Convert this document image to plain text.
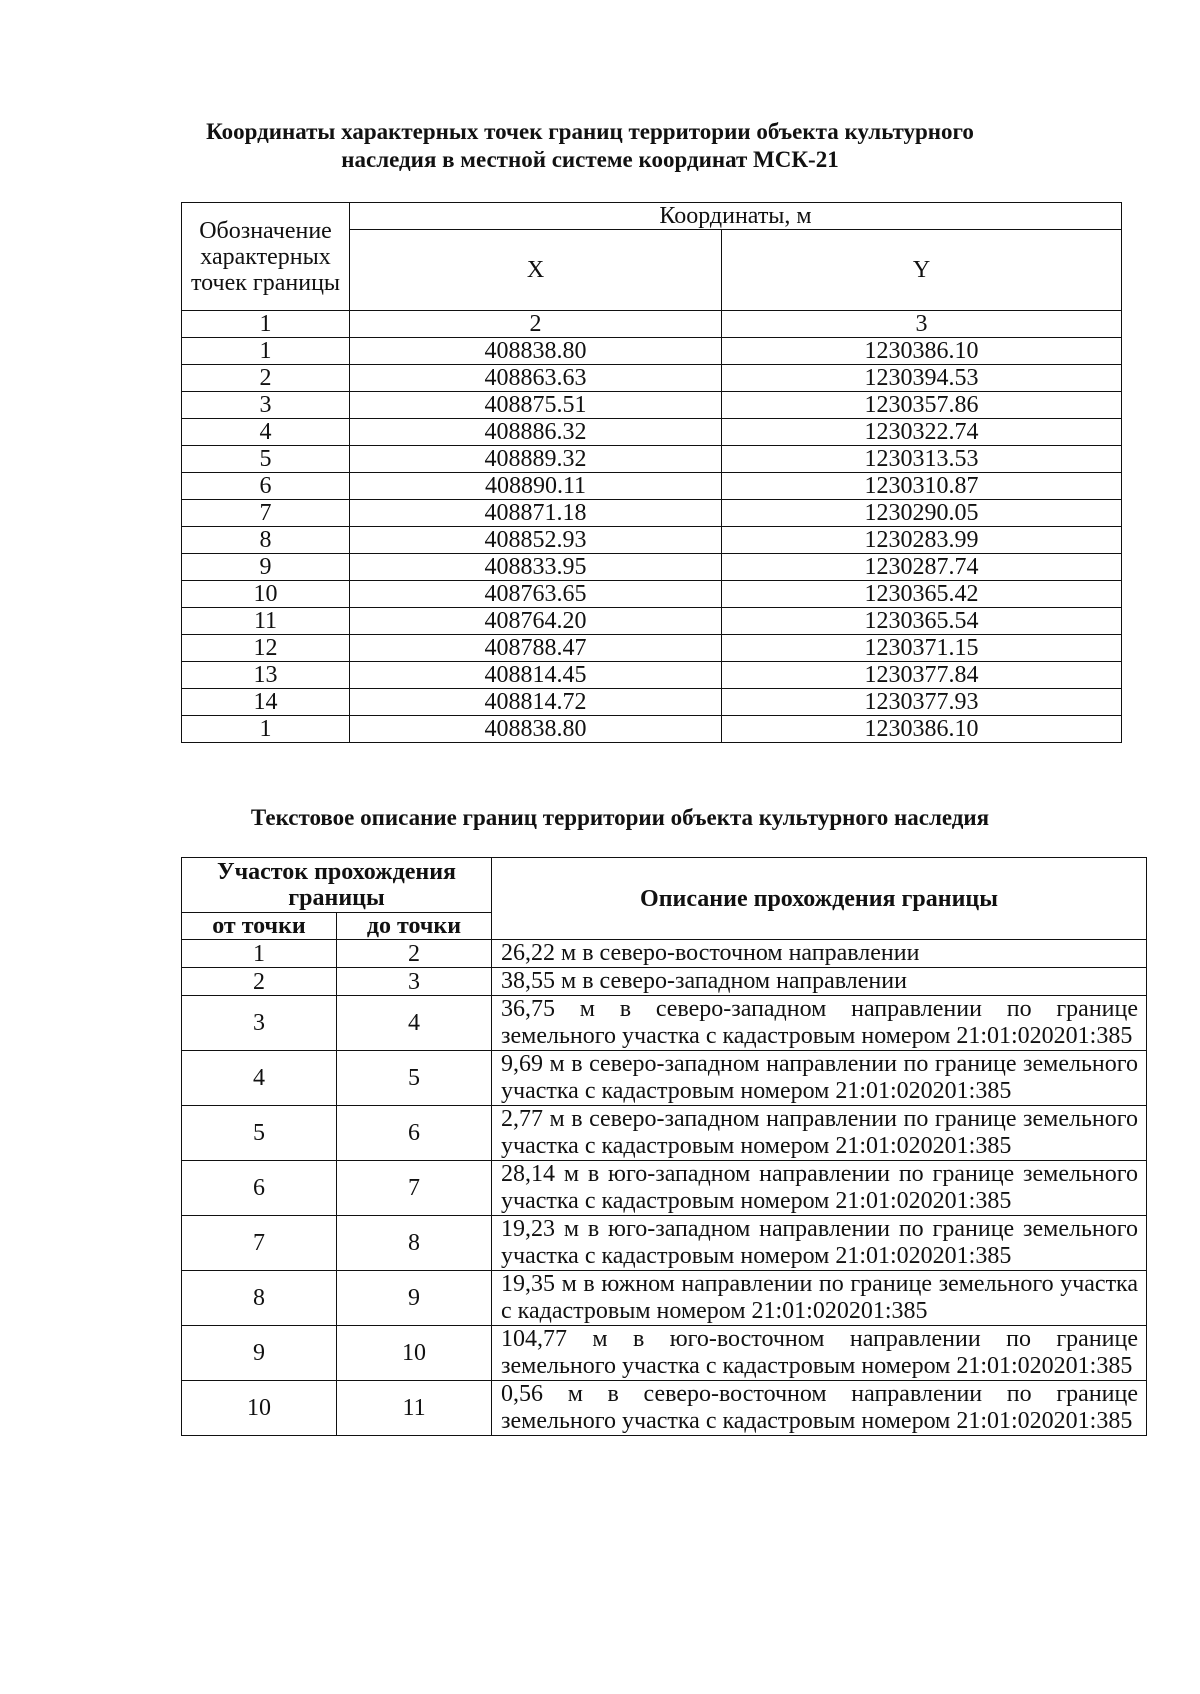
Координаты характерных точек границ территории объекта культурного
наследия в местной системе координат МСК-21
Обозначение характерных точек границы	Координаты, м	
	X	Y
1	2	3
1	408838.80	1230386.10
2	408863.63	1230394.53
3	408875.51	1230357.86
4	408886.32	1230322.74
5	408889.32	1230313.53
6	408890.11	1230310.87
7	408871.18	1230290.05
8	408852.93	1230283.99
9	408833.95	1230287.74
10	408763.65	1230365.42
11	408764.20	1230365.54
12	408788.47	1230371.15
13	408814.45	1230377.84
14	408814.72	1230377.93
1	408838.80	1230386.10
Текстовое описание границ территории объекта культурного наследия
Участок прохождения границы		Описание прохождения границы
от точки	до точки	
1	2	26,22 м в северо-восточном направлении
2	3	38,55 м в северо-западном направлении
3	4	36,75 м в северо-западном направлении по границе земельного участка с кадастровым номером 21:01:020201:385
4	5	9,69 м в северо-западном направлении по границе земельного участка с кадастровым номером 21:01:020201:385
5	6	2,77 м в северо-западном направлении по границе земельного участка с кадастровым номером 21:01:020201:385
6	7	28,14 м в юго-западном направлении по границе земельного участка с кадастровым номером 21:01:020201:385
7	8	19,23 м в юго-западном направлении по границе земельного участка с кадастровым номером 21:01:020201:385
8	9	19,35 м в южном направлении по границе земельного участка с кадастровым номером 21:01:020201:385
9	10	104,77 м в юго-восточном направлении по границе земельного участка с кадастровым номером 21:01:020201:385
10	11	0,56 м в северо-восточном направлении по границе земельного участка с кадастровым номером 21:01:020201:385
